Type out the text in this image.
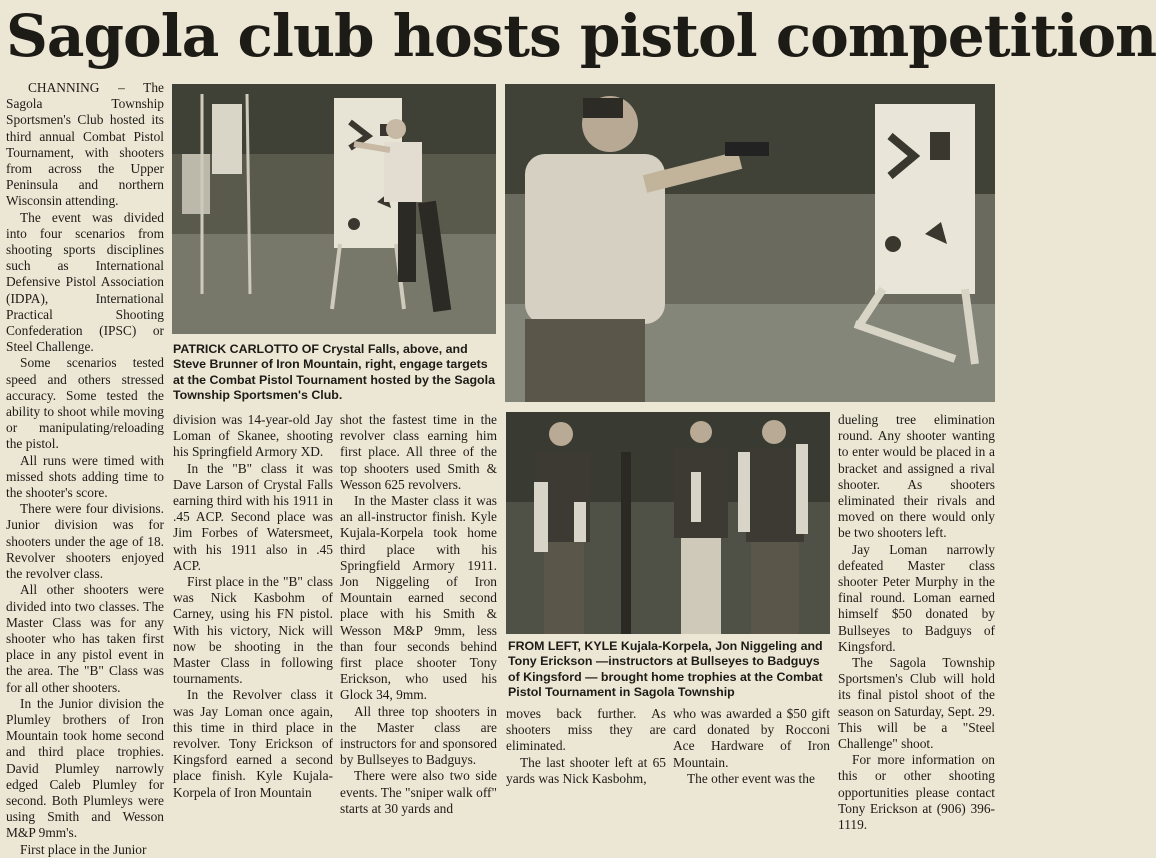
Sagola club hosts pistol competition

CHANNING – The Sagola Township Sportsmen's Club hosted its third annual Combat Pistol Tournament, with shooters from across the Upper Peninsula and northern Wisconsin attending.

The event was divided into four scenarios from shooting sports disciplines such as International Defensive Pistol Association (IDPA), International Practical Shooting Confederation (IPSC) or Steel Challenge.

Some scenarios tested speed and others stressed accuracy. Some tested the ability to shoot while moving or manipulating/reloading the pistol.

All runs were timed with missed shots adding time to the shooter's score.

There were four divisions. Junior division was for shooters under the age of 18. Revolver shooters enjoyed the revolver class.

All other shooters were divided into two classes. The Master Class was for any shooter who has taken first place in any pistol event in the area. The "B" Class was for all other shooters.

In the Junior division the Plumley brothers of Iron Mountain took home second and third place trophies. David Plumley narrowly edged Caleb Plumley for second. Both Plumleys were using Smith and Wesson M&P 9mm's.

First place in the Junior

PATRICK CARLOTTO OF Crystal Falls, above, and Steve Brunner of Iron Mountain, right, engage targets at the Combat Pistol Tournament hosted by the Sagola Township Sportsmen's Club.

division was 14-year-old Jay Loman of Skanee, shooting his Springfield Armory XD.

In the "B" class it was Dave Larson of Crystal Falls earning third with his 1911 in .45 ACP. Second place was Jim Forbes of Watersmeet, with his 1911 also in .45 ACP.

First place in the "B" class was Nick Kasbohm of Carney, using his FN pistol. With his victory, Nick will now be shooting in the Master Class in following tournaments.

In the Revolver class it was Jay Loman once again, this time in third place in revolver. Tony Erickson of Kingsford earned a second place finish. Kyle Kujala-Korpela of Iron Mountain

shot the fastest time in the revolver class earning him first place. All three of the top shooters used Smith & Wesson 625 revolvers.

In the Master class it was an all-instructor finish. Kyle Kujala-Korpela took home third place with his Springfield Armory 1911. Jon Niggeling of Iron Mountain earned second place with his Smith & Wesson M&P 9mm, less than four seconds behind first place shooter Tony Erickson, who used his Glock 34, 9mm.

All three top shooters in the Master class are instructors for and sponsored by Bullseyes to Badguys.

There were also two side events. The "sniper walk off" starts at 30 yards and

FROM LEFT, KYLE Kujala-Korpela, Jon Niggeling and Tony Erickson —instructors at Bullseyes to Badguys of Kingsford — brought home trophies at the Combat Pistol Tournament in Sagola Township

moves back further. As shooters miss they are eliminated.

The last shooter left at 65 yards was Nick Kasbohm,

who was awarded a $50 gift card donated by Rocconi Ace Hardware of Iron Mountain.

The other event was the

dueling tree elimination round. Any shooter wanting to enter would be placed in a bracket and assigned a rival shooter. As shooters eliminated their rivals and moved on there would only be two shooters left.

Jay Loman narrowly defeated Master class shooter Peter Murphy in the final round. Loman earned himself $50 donated by Bullseyes to Badguys of Kingsford.

The Sagola Township Sportsmen's Club will hold its final pistol shoot of the season on Saturday, Sept. 29. This will be a "Steel Challenge" shoot.

For more information on this or other shooting opportunities please contact Tony Erickson at (906) 396-1119.
